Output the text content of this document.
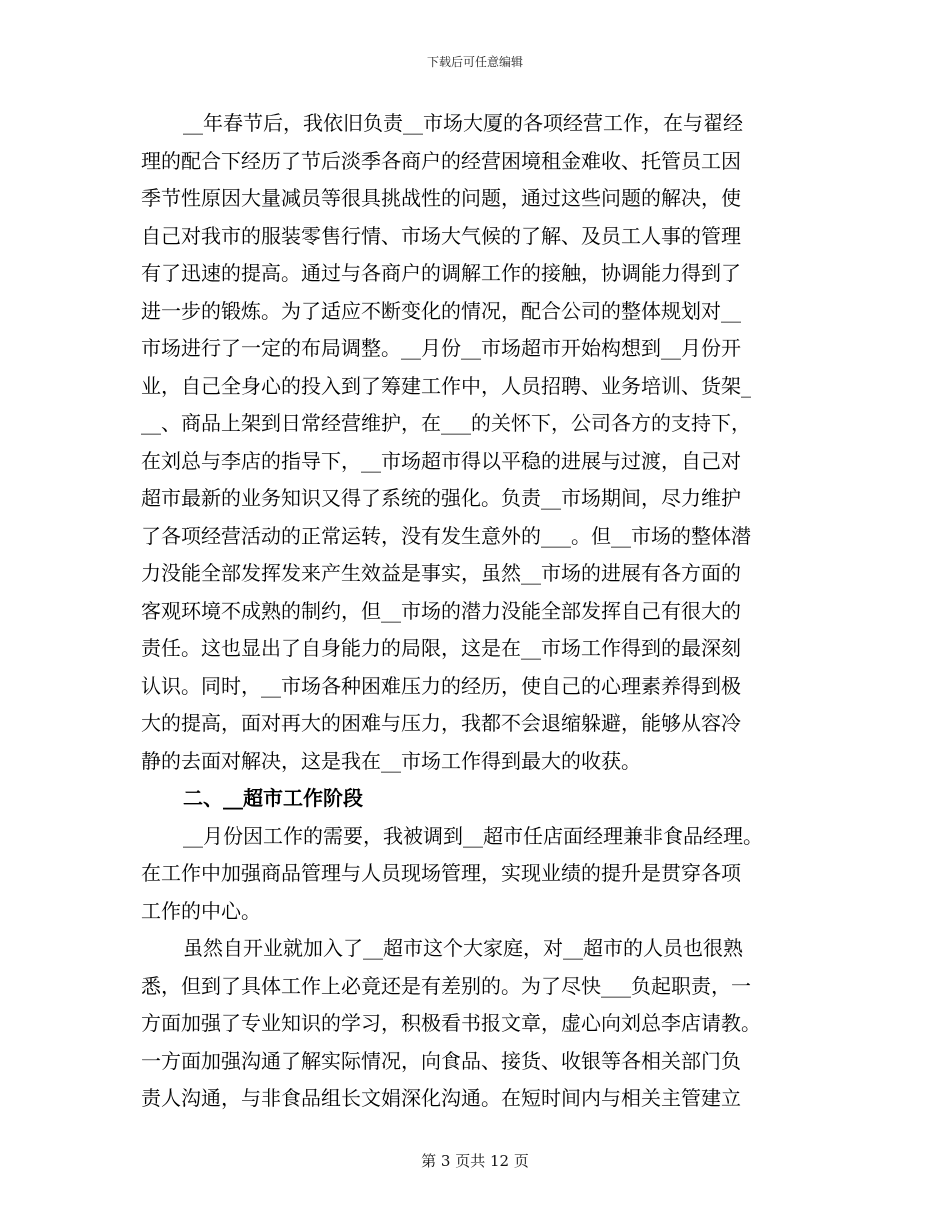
下载后可任意编辑
__年春节后，我依旧负责__市场大厦的各项经营工作，在与翟经
理的配合下经历了节后淡季各商户的经营困境租金难收、托管员工因
季节性原因大量减员等很具挑战性的问题，通过这些问题的解决，使
自己对我市的服装零售行情、市场大气候的了解、及员工人事的管理
有了迅速的提高。通过与各商户的调解工作的接触，协调能力得到了
进一步的锻炼。为了适应不断变化的情况，配合公司的整体规划对__
市场进行了一定的布局调整。__月份__市场超市开始构想到__月份开
业，自己全身心的投入到了筹建工作中，人员招聘、业务培训、货架_
__、商品上架到日常经营维护，在___的关怀下，公司各方的支持下，
在刘总与李店的指导下，__市场超市得以平稳的进展与过渡，自己对
超市最新的业务知识又得了系统的强化。负责__市场期间，尽力维护
了各项经营活动的正常运转，没有发生意外的___。但__市场的整体潜
力没能全部发挥发来产生效益是事实，虽然__市场的进展有各方面的
客观环境不成熟的制约，但__市场的潜力没能全部发挥自己有很大的
责任。这也显出了自身能力的局限，这是在__市场工作得到的最深刻
认识。同时，__市场各种困难压力的经历，使自己的心理素养得到极
大的提高，面对再大的困难与压力，我都不会退缩躲避，能够从容冷
静的去面对解决，这是我在__市场工作得到最大的收获。
二、__超市工作阶段
__月份因工作的需要，我被调到__超市任店面经理兼非食品经理。
在工作中加强商品管理与人员现场管理，实现业绩的提升是贯穿各项
工作的中心。
虽然自开业就加入了__超市这个大家庭，对__超市的人员也很熟
悉，但到了具体工作上必竟还是有差别的。为了尽快___负起职责，一
方面加强了专业知识的学习，积极看书报文章，虚心向刘总李店请教。
一方面加强沟通了解实际情况，向食品、接货、收银等各相关部门负
责人沟通，与非食品组长文娟深化沟通。在短时间内与相关主管建立
第 3 页共 12 页
